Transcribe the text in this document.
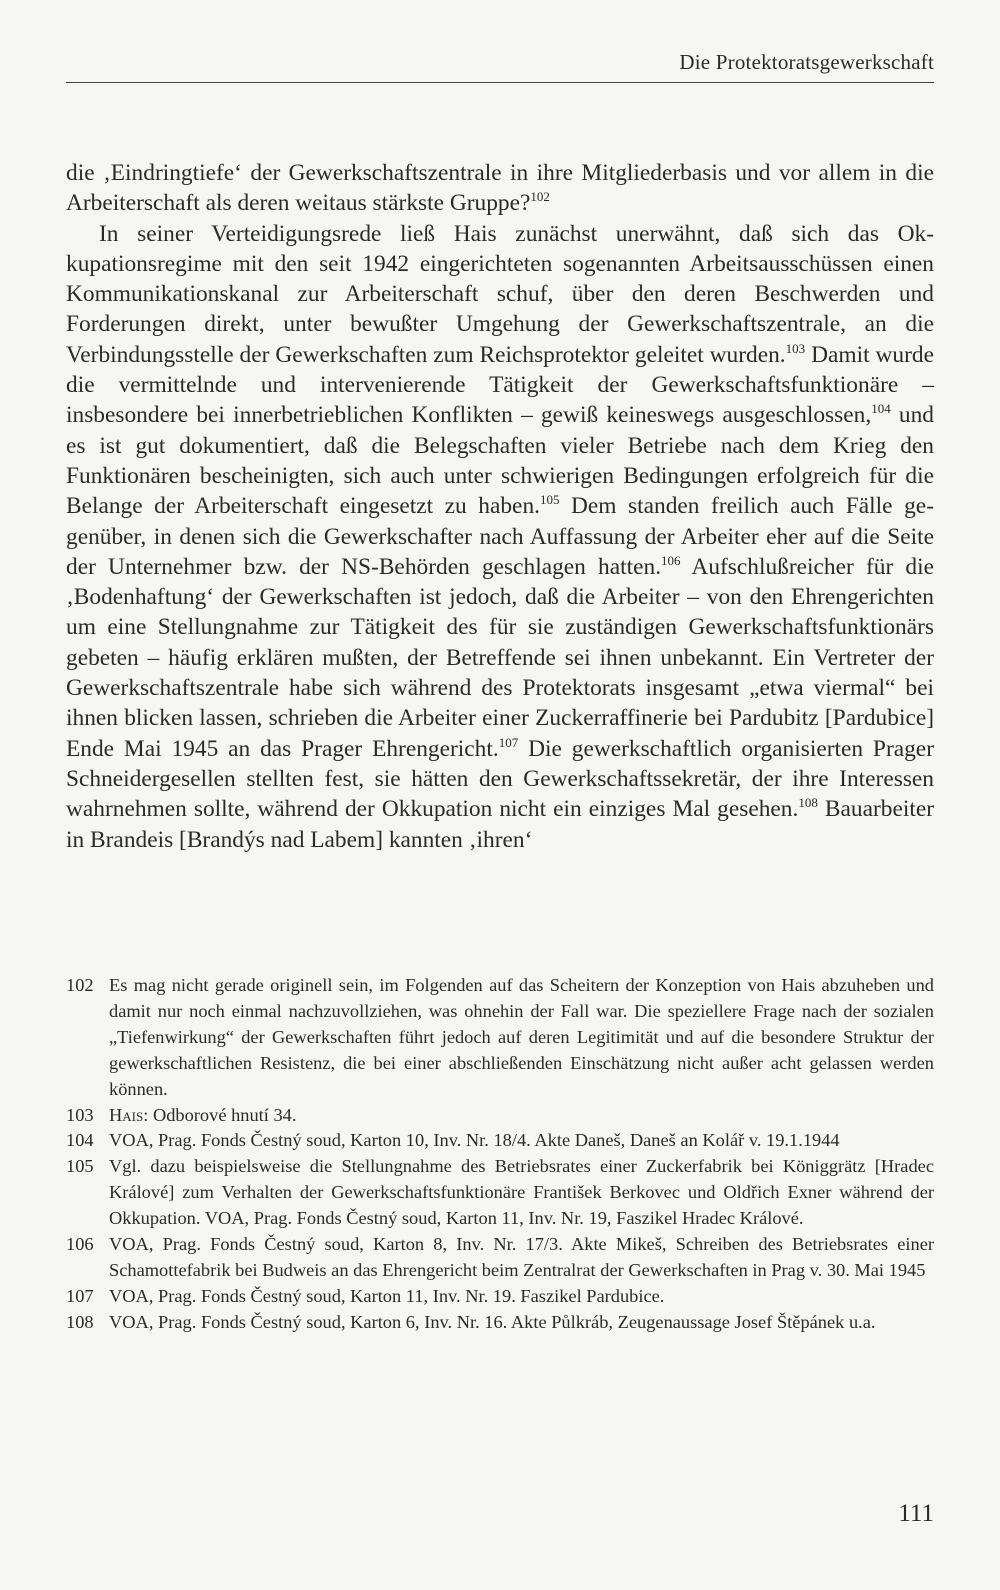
Die Protektoratsgewerkschaft

die ‚Eindringtiefe‘ der Gewerkschaftszentrale in ihre Mitgliederbasis und vor allem in die Arbeiterschaft als deren weitaus stärkste Gruppe?$^{102}$

In seiner Verteidigungsrede ließ Hais zunächst unerwähnt, daß sich das Okkupationsregime mit den seit 1942 eingerichteten sogenannten Arbeitsausschüssen einen Kommunikationskanal zur Arbeiterschaft schuf, über den deren Beschwerden und Forderungen direkt, unter bewußter Umgehung der Gewerkschaftszentrale, an die Verbindungsstelle der Gewerkschaften zum Reichsprotektor geleitet wurden.$^{103}$ Damit wurde die vermittelnde und intervenierende Tätigkeit der Gewerkschaftsfunktionäre – insbesondere bei innerbetrieblichen Konflikten – gewiß keineswegs ausgeschlossen,$^{104}$ und es ist gut dokumentiert, daß die Belegschaften vieler Betriebe nach dem Krieg den Funktionären bescheinigten, sich auch unter schwierigen Bedingungen erfolgreich für die Belange der Arbeiterschaft eingesetzt zu haben.$^{105}$ Dem standen freilich auch Fälle gegenüber, in denen sich die Gewerkschafter nach Auffassung der Arbeiter eher auf die Seite der Unternehmer bzw. der NS-Behörden geschlagen hatten.$^{106}$ Aufschlußreicher für die ‚Bodenhaftung‘ der Gewerkschaften ist jedoch, daß die Arbeiter – von den Ehrengerichten um eine Stellungnahme zur Tätigkeit des für sie zuständigen Gewerkschaftsfunktionärs gebeten – häufig erklären mußten, der Betreffende sei ihnen unbekannt. Ein Vertreter der Gewerkschaftszentrale habe sich während des Protektorats insgesamt „etwa viermal“ bei ihnen blicken lassen, schrieben die Arbeiter einer Zuckerraffinerie bei Pardubitz [Pardubice] Ende Mai 1945 an das Prager Ehrengericht.$^{107}$ Die gewerkschaftlich organisierten Prager Schneidergesellen stellten fest, sie hätten den Gewerkschaftssekretär, der ihre Interessen wahrnehmen sollte, während der Okkupation nicht ein einziges Mal gesehen.$^{108}$ Bauarbeiter in Brandeis [Brandýs nad Labem] kannten ‚ihren‘

102 Es mag nicht gerade originell sein, im Folgenden auf das Scheitern der Konzeption von Hais abzuheben und damit nur noch einmal nachzuvollziehen, was ohnehin der Fall war. Die speziellere Frage nach der sozialen „Tiefenwirkung“ der Gewerkschaften führt jedoch auf deren Legitimität und auf die besondere Struktur der gewerkschaftlichen Resistenz, die bei einer abschließenden Einschätzung nicht außer acht gelassen werden können.
103 Hais: Odborové hnutí 34.
104 VOA, Prag. Fonds Čestný soud, Karton 10, Inv. Nr. 18/4. Akte Daneš, Daneš an Kolář v. 19.1.1944
105 Vgl. dazu beispielsweise die Stellungnahme des Betriebsrates einer Zuckerfabrik bei Königgrätz [Hradec Králové] zum Verhalten der Gewerkschaftsfunktionäre František Berkovec und Oldřich Exner während der Okkupation. VOA, Prag. Fonds Čestný soud, Karton 11, Inv. Nr. 19, Faszikel Hradec Králové.
106 VOA, Prag. Fonds Čestný soud, Karton 8, Inv. Nr. 17/3. Akte Mikeš, Schreiben des Betriebsrates einer Schamottefabrik bei Budweis an das Ehrengericht beim Zentralrat der Gewerkschaften in Prag v. 30. Mai 1945
107 VOA, Prag. Fonds Čestný soud, Karton 11, Inv. Nr. 19. Faszikel Pardubice.
108 VOA, Prag. Fonds Čestný soud, Karton 6, Inv. Nr. 16. Akte Půlkráb, Zeugenaussage Josef Štěpánek u.a.
111
